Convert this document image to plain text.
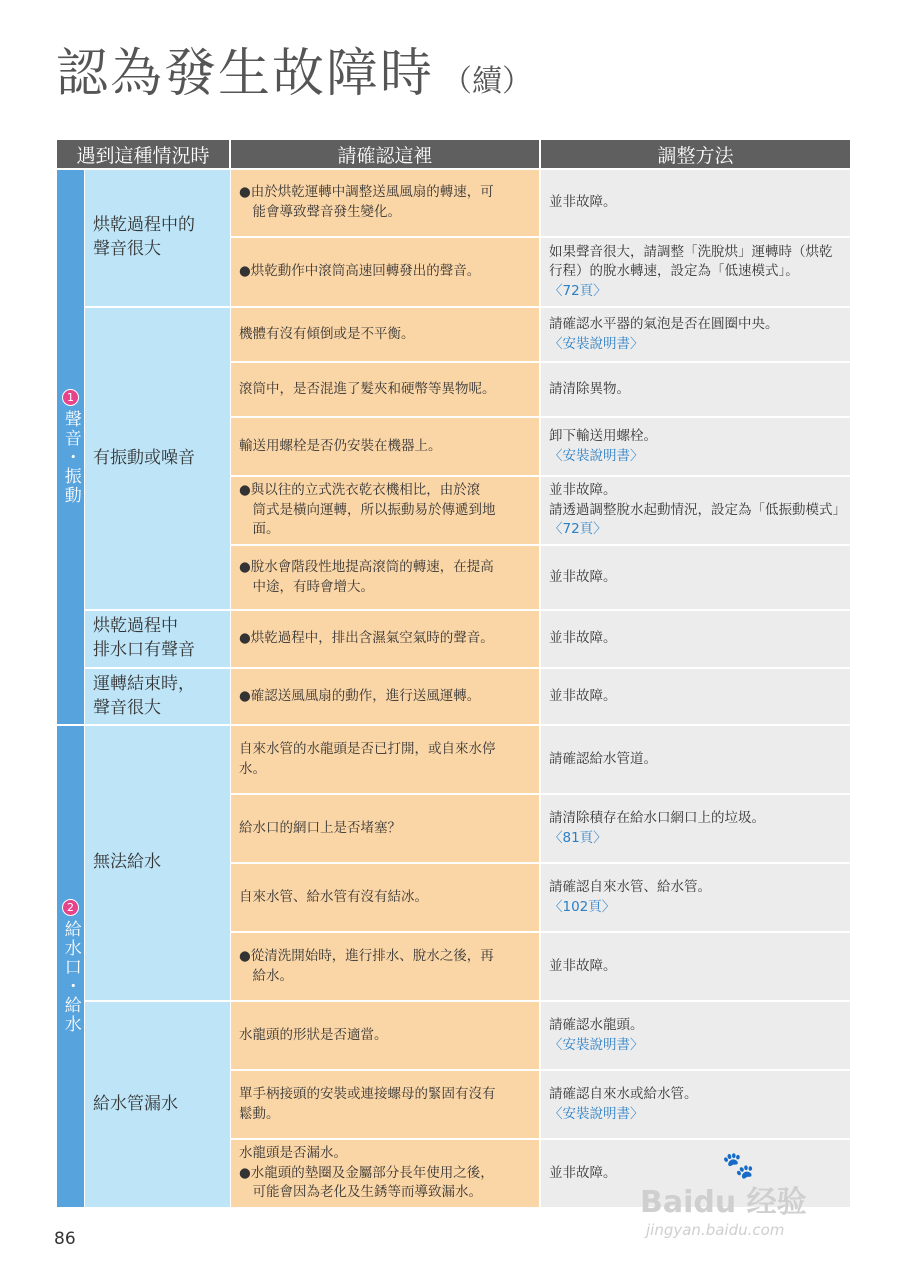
認為發生故障時 （續）
遇到這種情況時	請確認這裡	調整方法
1
聲音・振動
2
給水口・給水
烘乾過程中的
聲音很大
有振動或噪音
烘乾過程中
排水口有聲音
運轉結束時，
聲音很大
無法給水
給水管漏水
●由於烘乾運轉中調整送風風扇的轉速，可
　能會導致聲音發生變化。
●烘乾動作中滾筒高速回轉發出的聲音。
機體有沒有傾倒或是不平衡。
滾筒中，是否混進了髮夾和硬幣等異物呢。
輸送用螺栓是否仍安裝在機器上。
●與以往的立式洗衣乾衣機相比，由於滾
　筒式是橫向運轉，所以振動易於傳遞到地
　面。
●脫水會階段性地提高滾筒的轉速，在提高
　中途，有時會增大。
●烘乾過程中，排出含濕氣空氣時的聲音。
●確認送風風扇的動作，進行送風運轉。
自來水管的水龍頭是否已打開，或自來水停
水。
給水口的網口上是否堵塞？
自來水管、給水管有沒有結冰。
●從清洗開始時，進行排水、脫水之後，再
　給水。
水龍頭的形狀是否適當。
單手柄接頭的安裝或連接螺母的緊固有沒有
鬆動。
水龍頭是否漏水。
●水龍頭的墊圈及金屬部分長年使用之後，
　可能會因為老化及生銹等而導致漏水。
並非故障。
如果聲音很大，請調整「洗脫烘」運轉時（烘乾行程）的脫水轉速，設定為「低速模式」。〈72頁〉
請確認水平器的氣泡是否在圓圈中央。
〈安裝說明書〉
請清除異物。
卸下輸送用螺栓。
〈安裝說明書〉
並非故障。
請透過調整脫水起動情況，設定為「低振動模式」〈72頁〉
並非故障。
並非故障。
並非故障。
請確認給水管道。
請清除積存在給水口網口上的垃圾。
〈81頁〉
請確認自來水管、給水管。
〈102頁〉
並非故障。
請確認水龍頭。
〈安裝說明書〉
請確認自來水或給水管。
〈安裝說明書〉
並非故障。
86
🐾
Baidu 经验
jingyan.baidu.com
